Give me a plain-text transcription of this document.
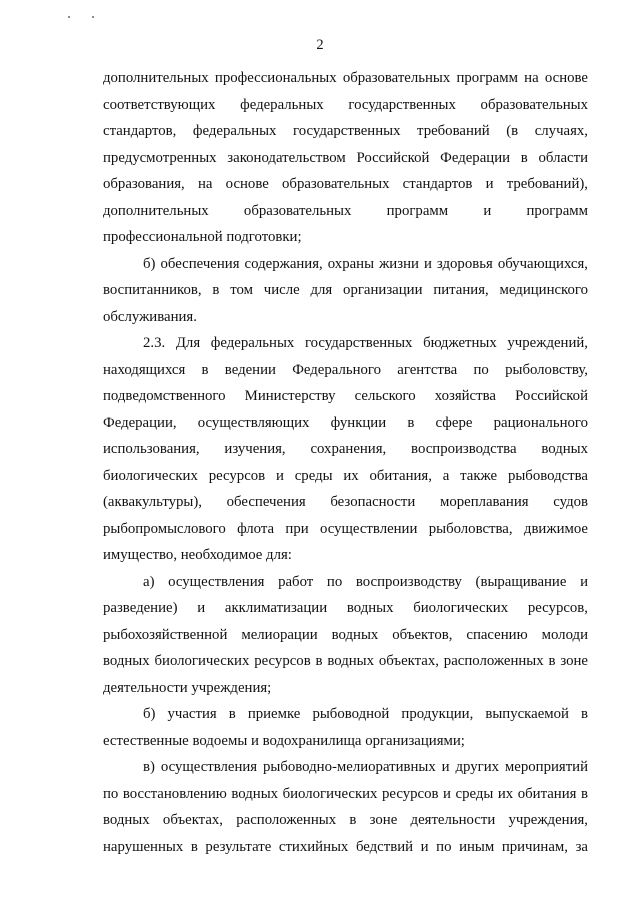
2
дополнительных профессиональных образовательных программ на основе
соответствующих федеральных государственных образовательных
стандартов, федеральных государственных требований (в случаях,
предусмотренных законодательством Российской Федерации в области
образования, на основе образовательных стандартов и требований),
дополнительных образовательных программ и программ
профессиональной подготовки;
б) обеспечения содержания, охраны жизни и здоровья обучающихся,
воспитанников, в том числе для организации питания, медицинского
обслуживания.
2.3. Для федеральных государственных бюджетных учреждений,
находящихся в ведении Федерального агентства по рыболовству,
подведомственного Министерству сельского хозяйства Российской
Федерации, осуществляющих функции в сфере рационального
использования, изучения, сохранения, воспроизводства водных
биологических ресурсов и среды их обитания, а также рыбоводства
(аквакультуры), обеспечения безопасности мореплавания судов
рыбопромыслового флота при осуществлении рыболовства, движимое
имущество, необходимое для:
а) осуществления работ по воспроизводству (выращивание и
разведение) и акклиматизации водных биологических ресурсов,
рыбохозяйственной мелиорации водных объектов, спасению молоди
водных биологических ресурсов в водных объектах, расположенных в зоне
деятельности учреждения;
б) участия в приемке рыбоводной продукции, выпускаемой в
естественные водоемы и водохранилища организациями;
в) осуществления рыбоводно-мелиоративных и других мероприятий
по восстановлению водных биологических ресурсов и среды их обитания в
водных объектах, расположенных в зоне деятельности учреждения,
нарушенных в результате стихийных бедствий и по иным причинам, за
